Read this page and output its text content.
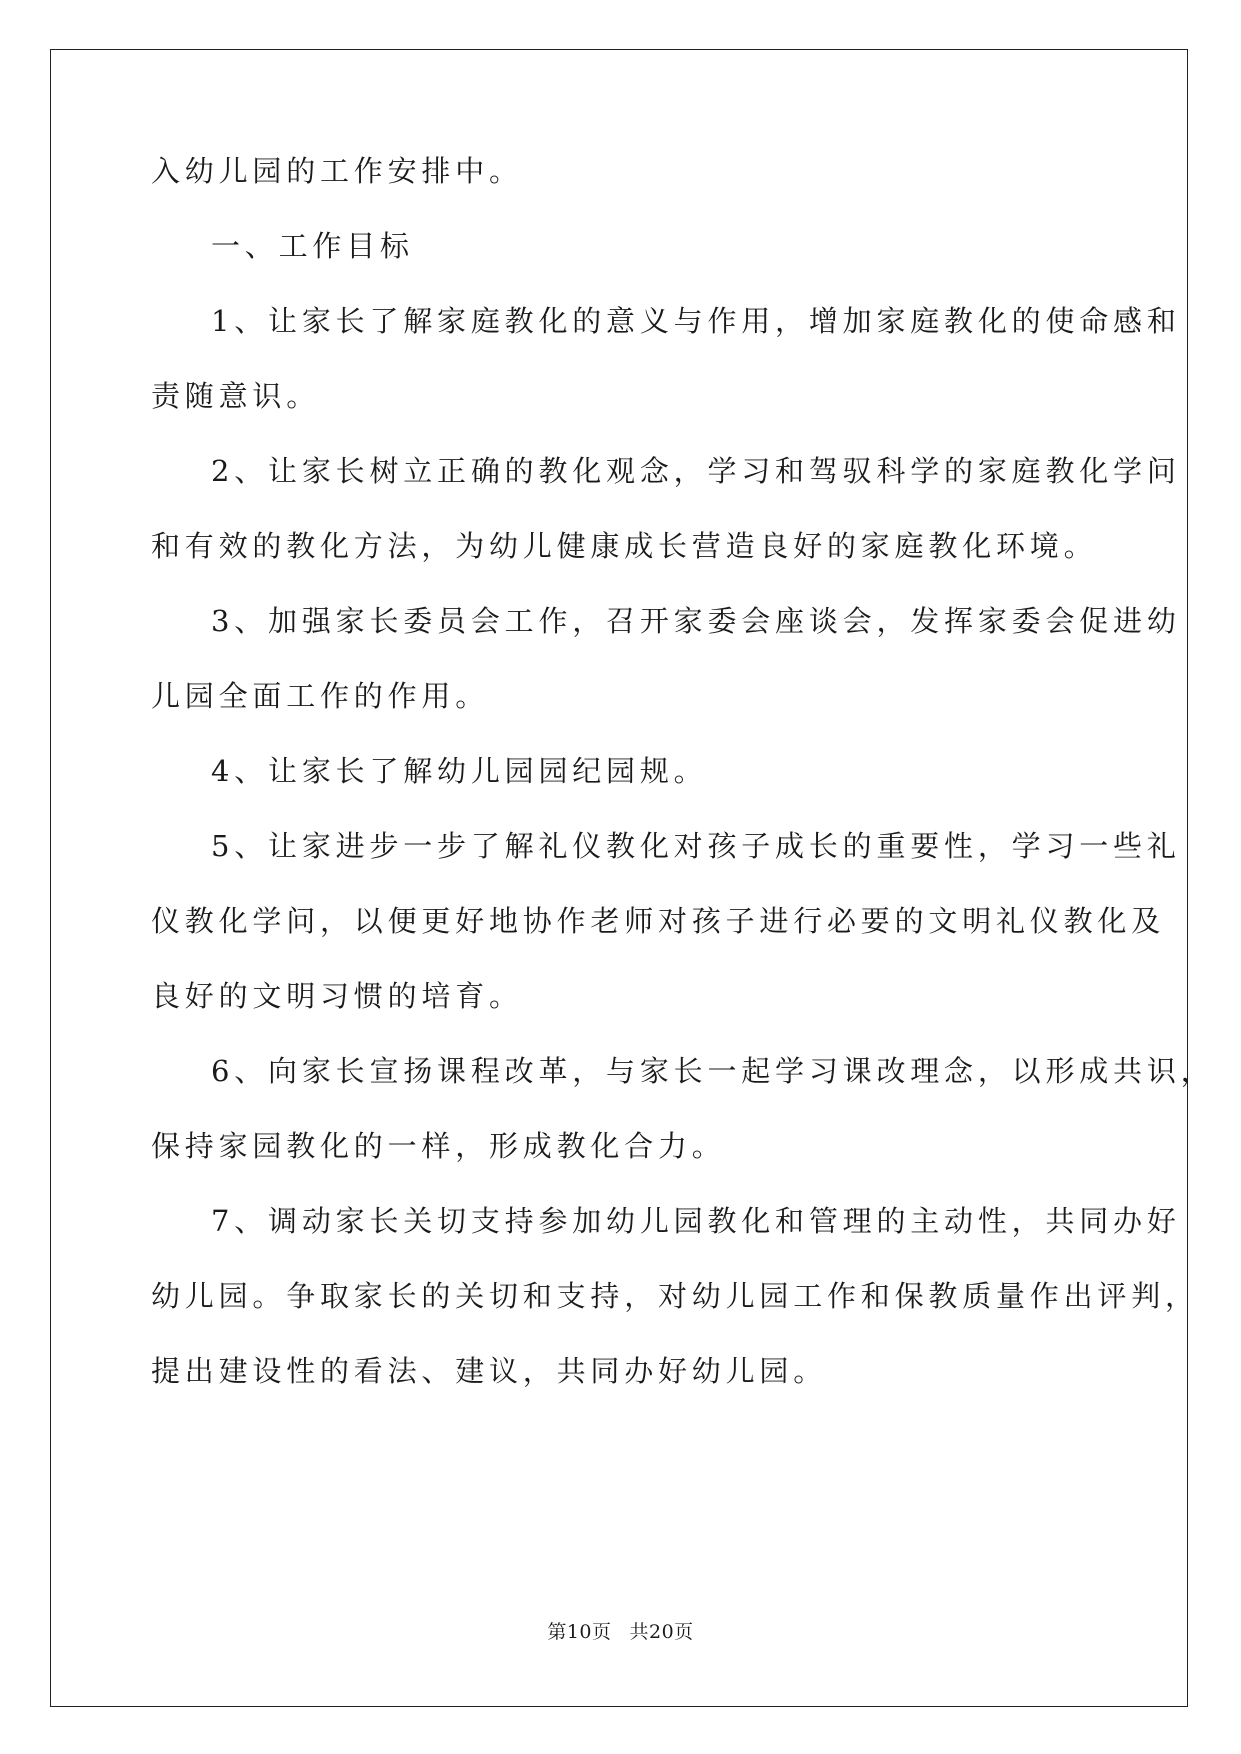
入幼儿园的工作安排中。
一、工作目标
1、让家长了解家庭教化的意义与作用，增加家庭教化的使命感和
责随意识。
2、让家长树立正确的教化观念，学习和驾驭科学的家庭教化学问
和有效的教化方法，为幼儿健康成长营造良好的家庭教化环境。
3、加强家长委员会工作，召开家委会座谈会，发挥家委会促进幼
儿园全面工作的作用。
4、让家长了解幼儿园园纪园规。
5、让家进步一步了解礼仪教化对孩子成长的重要性，学习一些礼
仪教化学问，以便更好地协作老师对孩子进行必要的文明礼仪教化及
良好的文明习惯的培育。
6、向家长宣扬课程改革，与家长一起学习课改理念，以形成共识，
保持家园教化的一样，形成教化合力。
7、调动家长关切支持参加幼儿园教化和管理的主动性，共同办好
幼儿园。争取家长的关切和支持，对幼儿园工作和保教质量作出评判，
提出建设性的看法、建议，共同办好幼儿园。
第10页 共20页
